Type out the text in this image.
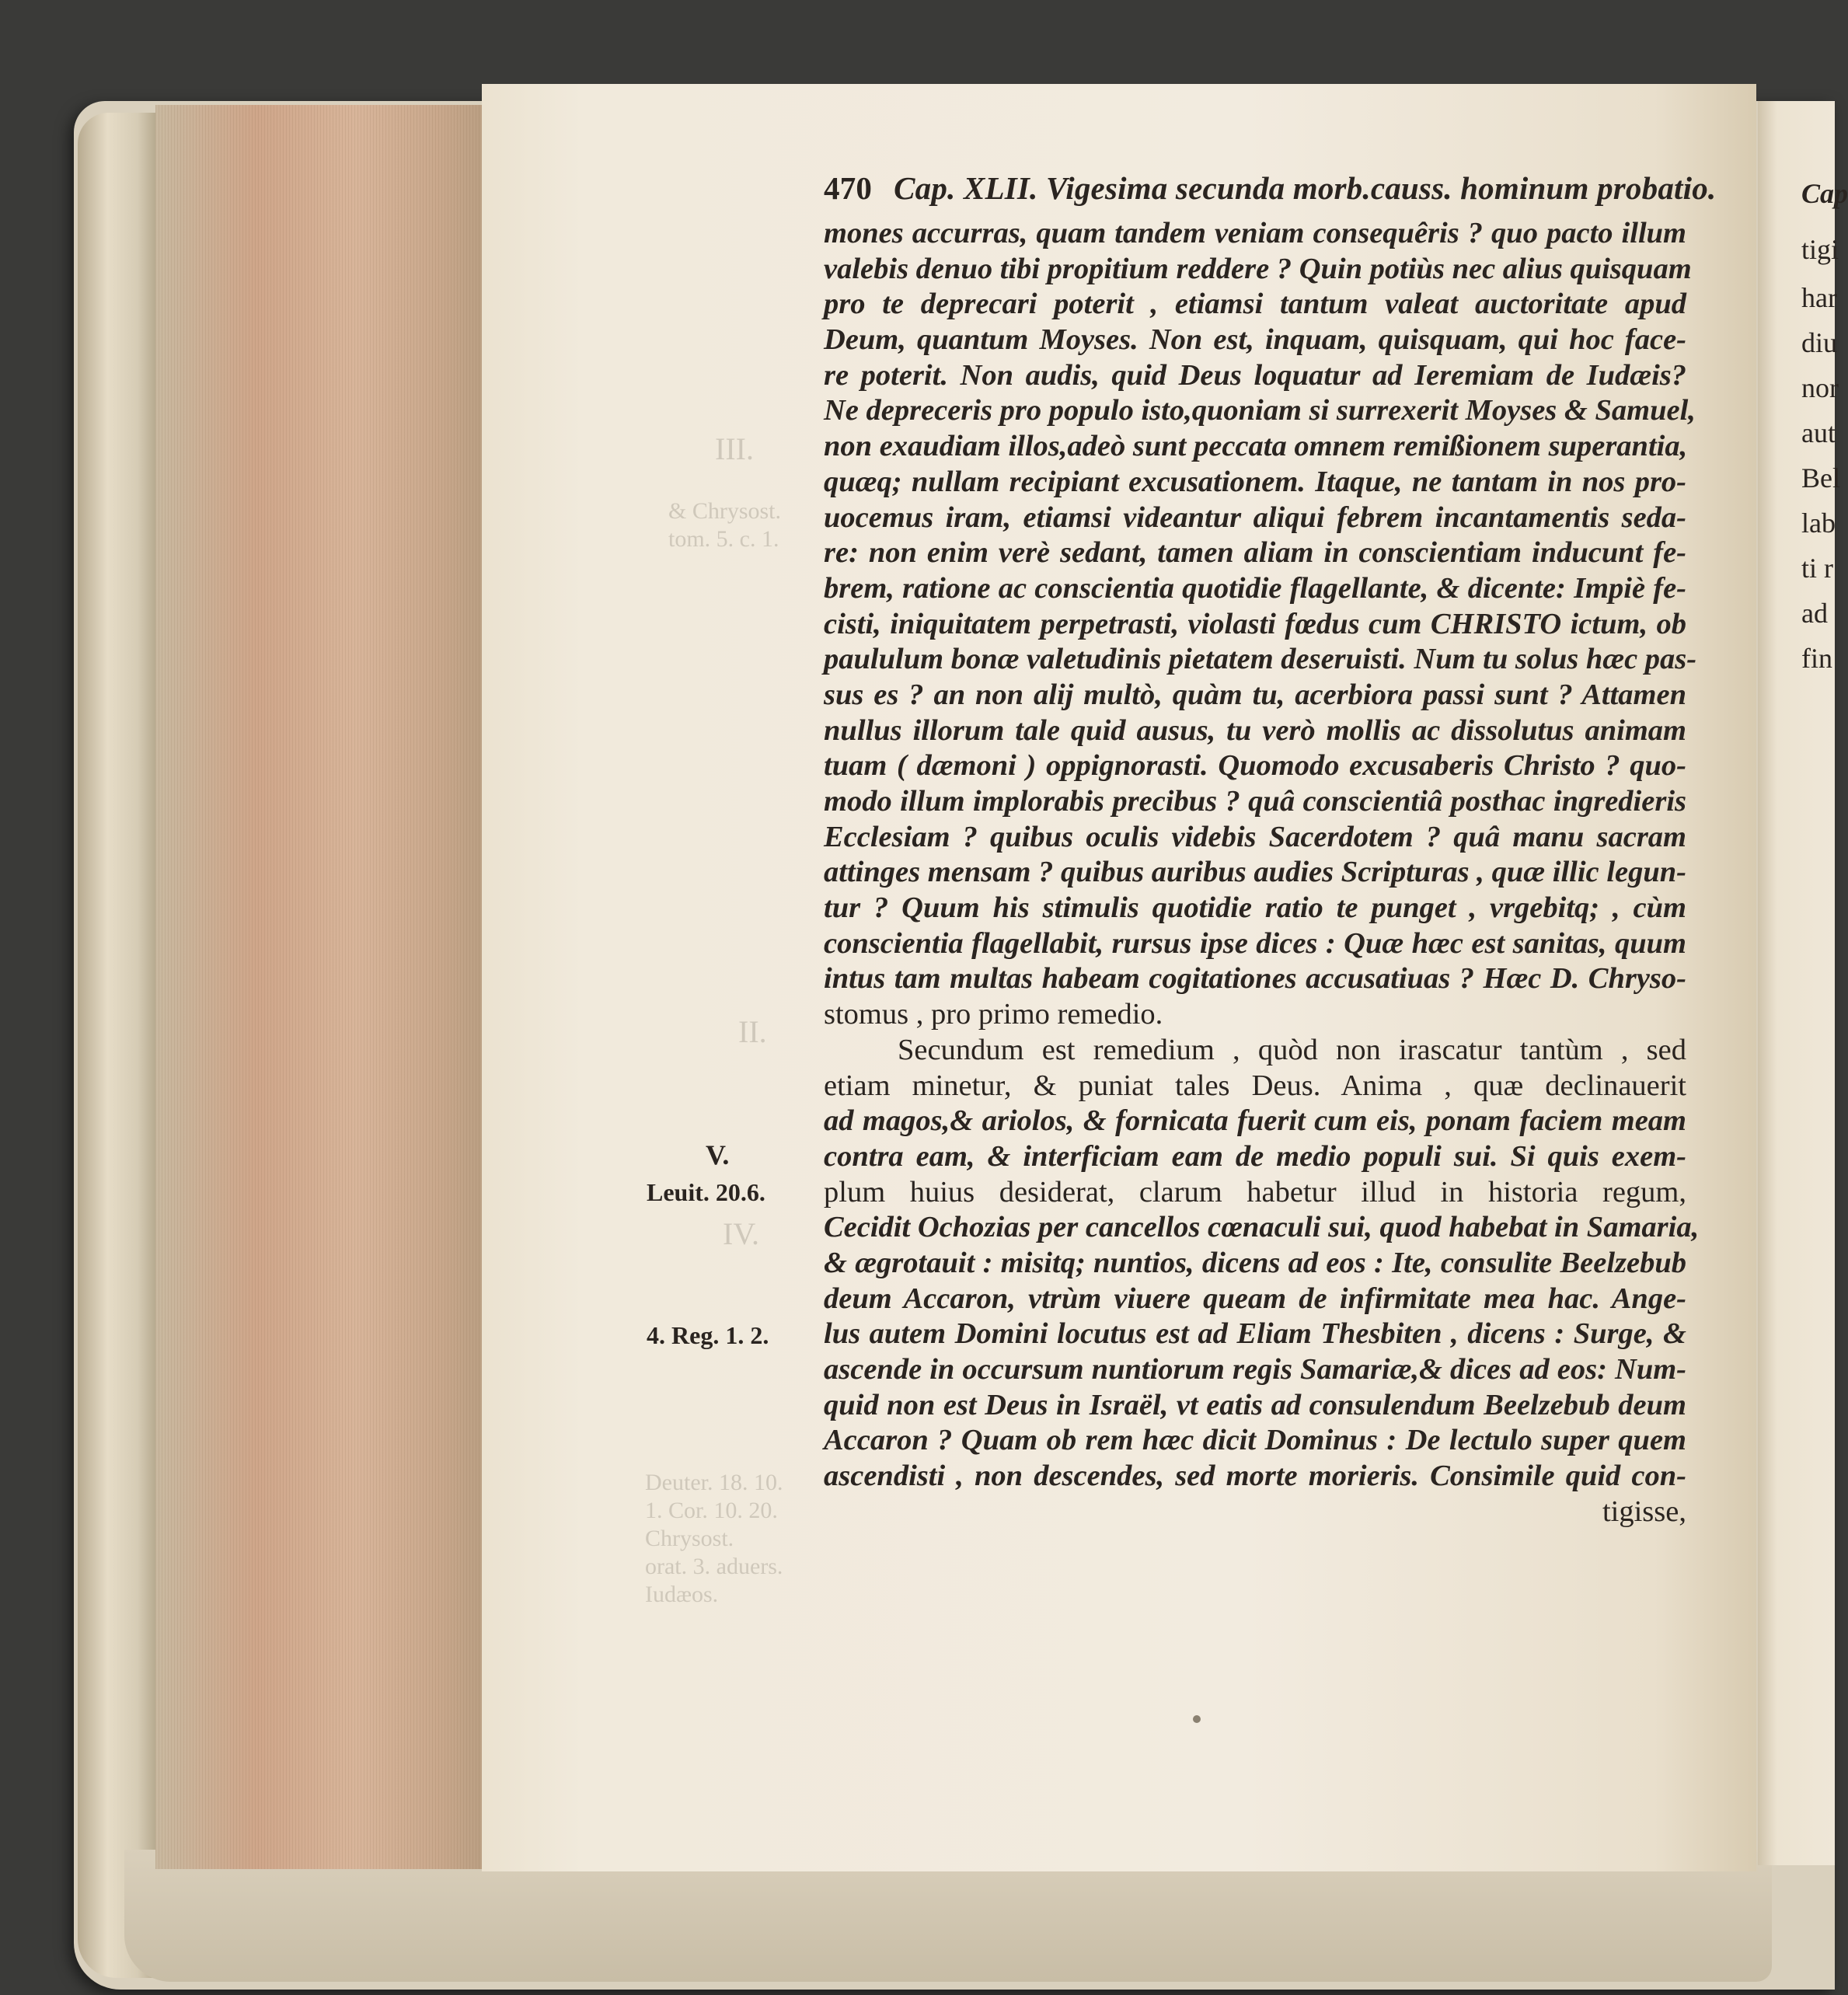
III.
& Chrysost.
tom. 5. c. 1.
II.
IV.
Deuter. 18. 10.
1. Cor. 10. 20.
Chrysost.
orat. 3. aduers.
Iudæos.
470 Cap. XLII. Vigesima secunda morb.causs. hominum probatio.
mones accurras, quam tandem veniam consequêris ? quo pacto illum
valebis denuo tibi propitium reddere ? Quin potiùs nec alius quisquam
pro te deprecari poterit , etiamsi tantum valeat auctoritate apud
Deum, quantum Moyses. Non est, inquam, quisquam, qui hoc face-
re poterit. Non audis, quid Deus loquatur ad Ieremiam de Iudæis?
Ne depreceris pro populo isto,quoniam si surrexerit Moyses & Samuel,
non exaudiam illos,adeò sunt peccata omnem remißionem superantia,
quæq; nullam recipiant excusationem. Itaque, ne tantam in nos pro-
uocemus iram, etiamsi videantur aliqui febrem incantamentis seda-
re: non enim verè sedant, tamen aliam in conscientiam inducunt fe-
brem, ratione ac conscientia quotidie flagellante, & dicente: Impiè fe-
cisti, iniquitatem perpetrasti, violasti fœdus cum CHRISTO ictum, ob
paululum bonæ valetudinis pietatem deseruisti. Num tu solus hæc pas-
sus es ? an non alij multò, quàm tu, acerbiora passi sunt ? Attamen
nullus illorum tale quid ausus, tu verò mollis ac dissolutus animam
tuam ( dæmoni ) oppignorasti. Quomodo excusaberis Christo ? quo-
modo illum implorabis precibus ? quâ conscientiâ posthac ingredieris
Ecclesiam ? quibus oculis videbis Sacerdotem ? quâ manu sacram
attinges mensam ? quibus auribus audies Scripturas , quæ illic legun-
tur ? Quum his stimulis quotidie ratio te punget , vrgebitq; , cùm
conscientia flagellabit, rursus ipse dices : Quæ hæc est sanitas, quum
intus tam multas habeam cogitationes accusatiuas ? Hæc D. Chryso-
stomus , pro primo remedio.
Secundum est remedium , quòd non irascatur tantùm , sed
etiam minetur, & puniat tales Deus. Anima , quæ declinauerit
ad magos,& ariolos, & fornicata fuerit cum eis, ponam faciem meam
contra eam, & interficiam eam de medio populi sui. Si quis exem-
plum huius desiderat, clarum habetur illud in historia regum,
Cecidit Ochozias per cancellos cœnaculi sui, quod habebat in Samaria,
& ægrotauit : misitq; nuntios, dicens ad eos : Ite, consulite Beelzebub
deum Accaron, vtrùm viuere queam de infirmitate mea hac. Ange-
lus autem Domini locutus est ad Eliam Thesbiten , dicens : Surge, &
ascende in occursum nuntiorum regis Samariæ,& dices ad eos: Num-
quid non est Deus in Israël, vt eatis ad consulendum Beelzebub deum
Accaron ? Quam ob rem hæc dicit Dominus : De lectulo super quem
ascendisti , non descendes, sed morte morieris. Consimile quid con-
tigisse,
V.
Leuit. 20.6.
4. Reg. 1. 2.
Cap
tigi
har
diu
nor
aut
Bel
lab
ti r
ad
fin
